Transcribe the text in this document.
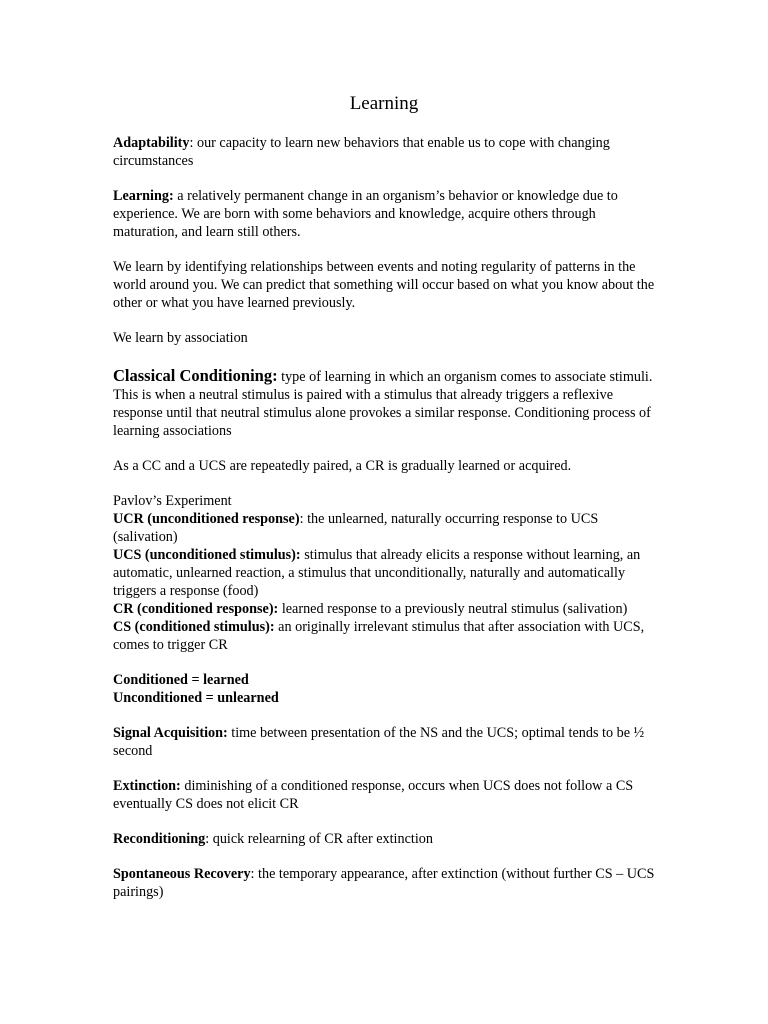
Learning

Adaptability: our capacity to learn new behaviors that enable us to cope with changing circumstances

Learning: a relatively permanent change in an organism’s behavior or knowledge due to experience. We are born with some behaviors and knowledge, acquire others through maturation, and learn still others.

We learn by identifying relationships between events and noting regularity of patterns in the world around you. We can predict that something will occur based on what you know about the other or what you have learned previously.

We learn by association

Classical Conditioning: type of learning in which an organism comes to associate stimuli. This is when a neutral stimulus is paired with a stimulus that already triggers a reflexive response until that neutral stimulus alone provokes a similar response. Conditioning process of learning associations

As a CC and a UCS are repeatedly paired, a CR is gradually learned or acquired.

Pavlov’s Experiment

UCR (unconditioned response): the unlearned, naturally occurring response to UCS (salivation)

UCS (unconditioned stimulus): stimulus that already elicits a response without learning, an automatic, unlearned reaction, a stimulus that unconditionally, naturally and automatically triggers a response (food)

CR (conditioned response): learned response to a previously neutral stimulus (salivation)

CS (conditioned stimulus): an originally irrelevant stimulus that after association with UCS, comes to trigger CR

Conditioned = learned

Unconditioned = unlearned

Signal Acquisition: time between presentation of the NS and the UCS; optimal tends to be ½ second

Extinction: diminishing of a conditioned response, occurs when UCS does not follow a CS eventually CS does not elicit CR

Reconditioning: quick relearning of CR after extinction

Spontaneous Recovery: the temporary appearance, after extinction (without further CS – UCS pairings)
